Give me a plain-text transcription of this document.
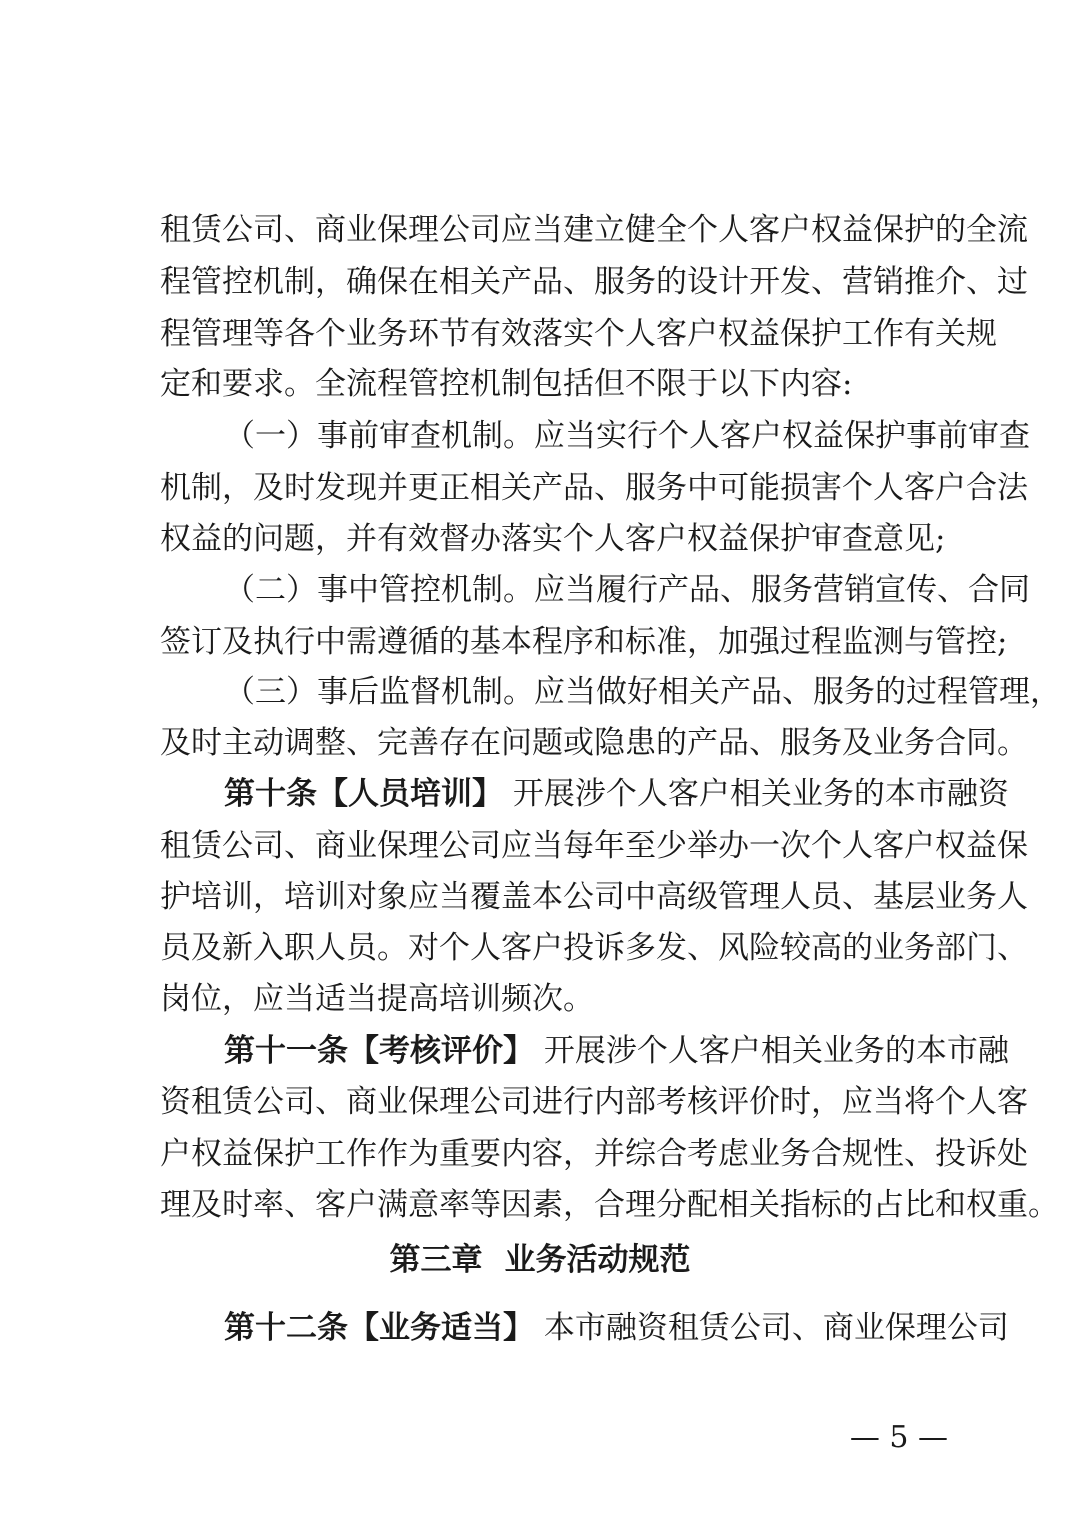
租赁公司、商业保理公司应当建立健全个人客户权益保护的全流
程管控机制，确保在相关产品、服务的设计开发、营销推介、过
程管理等各个业务环节有效落实个人客户权益保护工作有关规
定和要求。全流程管控机制包括但不限于以下内容:
（一）事前审查机制。应当实行个人客户权益保护事前审查
机制，及时发现并更正相关产品、服务中可能损害个人客户合法
权益的问题，并有效督办落实个人客户权益保护审查意见;
（二）事中管控机制。应当履行产品、服务营销宣传、合同
签订及执行中需遵循的基本程序和标准，加强过程监测与管控;
（三）事后监督机制。应当做好相关产品、服务的过程管理，
及时主动调整、完善存在问题或隐患的产品、服务及业务合同。
第十条【人员培训】 开展涉个人客户相关业务的本市融资
租赁公司、商业保理公司应当每年至少举办一次个人客户权益保
护培训，培训对象应当覆盖本公司中高级管理人员、基层业务人
员及新入职人员。对个人客户投诉多发、风险较高的业务部门、
岗位，应当适当提高培训频次。
第十一条【考核评价】 开展涉个人客户相关业务的本市融
资租赁公司、商业保理公司进行内部考核评价时，应当将个人客
户权益保护工作作为重要内容，并综合考虑业务合规性、投诉处
理及时率、客户满意率等因素，合理分配相关指标的占比和权重。
第三章 业务活动规范
第十二条【业务适当】 本市融资租赁公司、商业保理公司
— 5 —
